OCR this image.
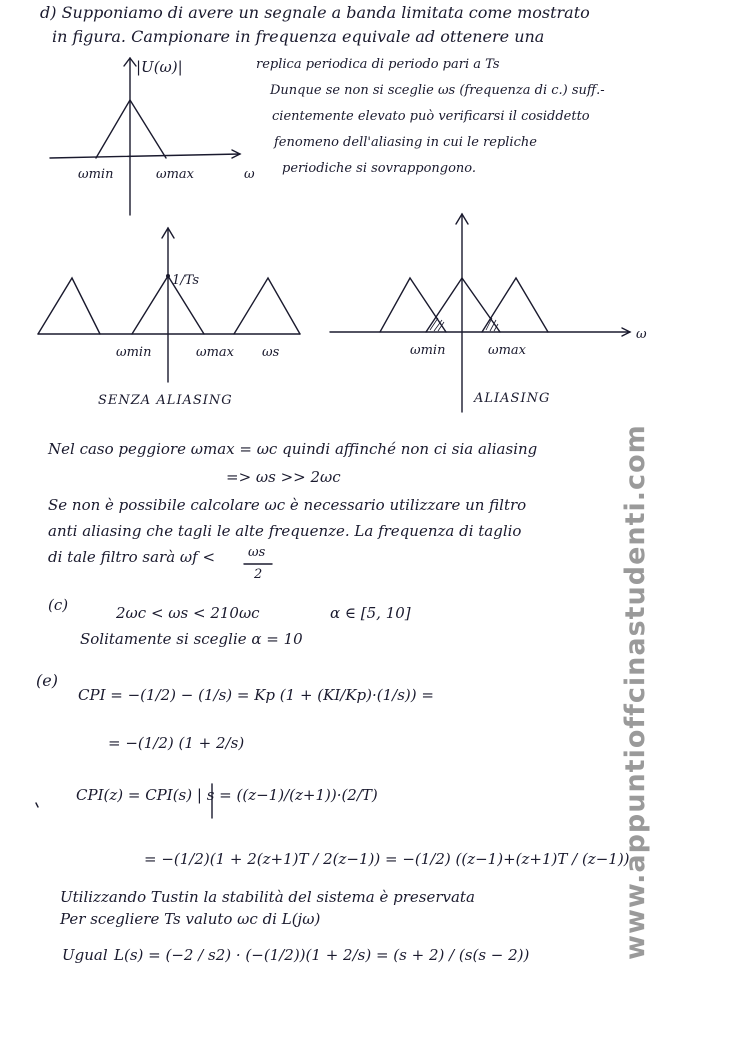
d) Supponiamo di avere un segnale a banda limitata come mostrato
in figura. Campionare in frequenza equivale ad ottenere una
replica periodica di periodo pari a Ts
Dunque se non si sceglie ωs (frequenza di c.) suff.-
cientemente elevato può verificarsi il cosiddetto
fenomeno dell'aliasing in cui le repliche
periodiche si sovrappongono.
|U(ω)|
ωmin	ωmax	ω
1/Ts
ωmin	ωmax ωs
SENZA ALIASING
ωmin	ωmax
ω
ALIASING
Nel caso peggiore ωmax = ωc quindi affinché non ci sia aliasing
=> ωs >> 2ωc
Se non è possibile calcolare ωc è necessario utilizzare un filtro
anti aliasing che tagli le alte frequenze. La frequenza di taglio
di tale filtro sarà ωf <	ωs
2
(c)	2ωc < ωs < 210ωc	α ∈ [5, 10]
Solitamente si sceglie α = 10
(e)
CPI = −(1/2) − (1/s) = Kp (1 + (KI/Kp)·(1/s)) =
= −(1/2) (1 + 2/s)
CPI(z) = CPI(s) | s = ((z−1)/(z+1))·(2/T)
= −(1/2)(1 + 2(z+1)T / 2(z−1)) = −(1/2) ((z−1)+(z+1)T / (z−1))
Utilizzando Tustin la stabilità del sistema è preservata
Per scegliere Ts valuto ωc di L(jω)
Ugual L(s) = (−2 / s2) · (−(1/2))(1 + 2/s) = (s + 2) / (s(s − 2))	www.appuntioffcinastudenti.com
